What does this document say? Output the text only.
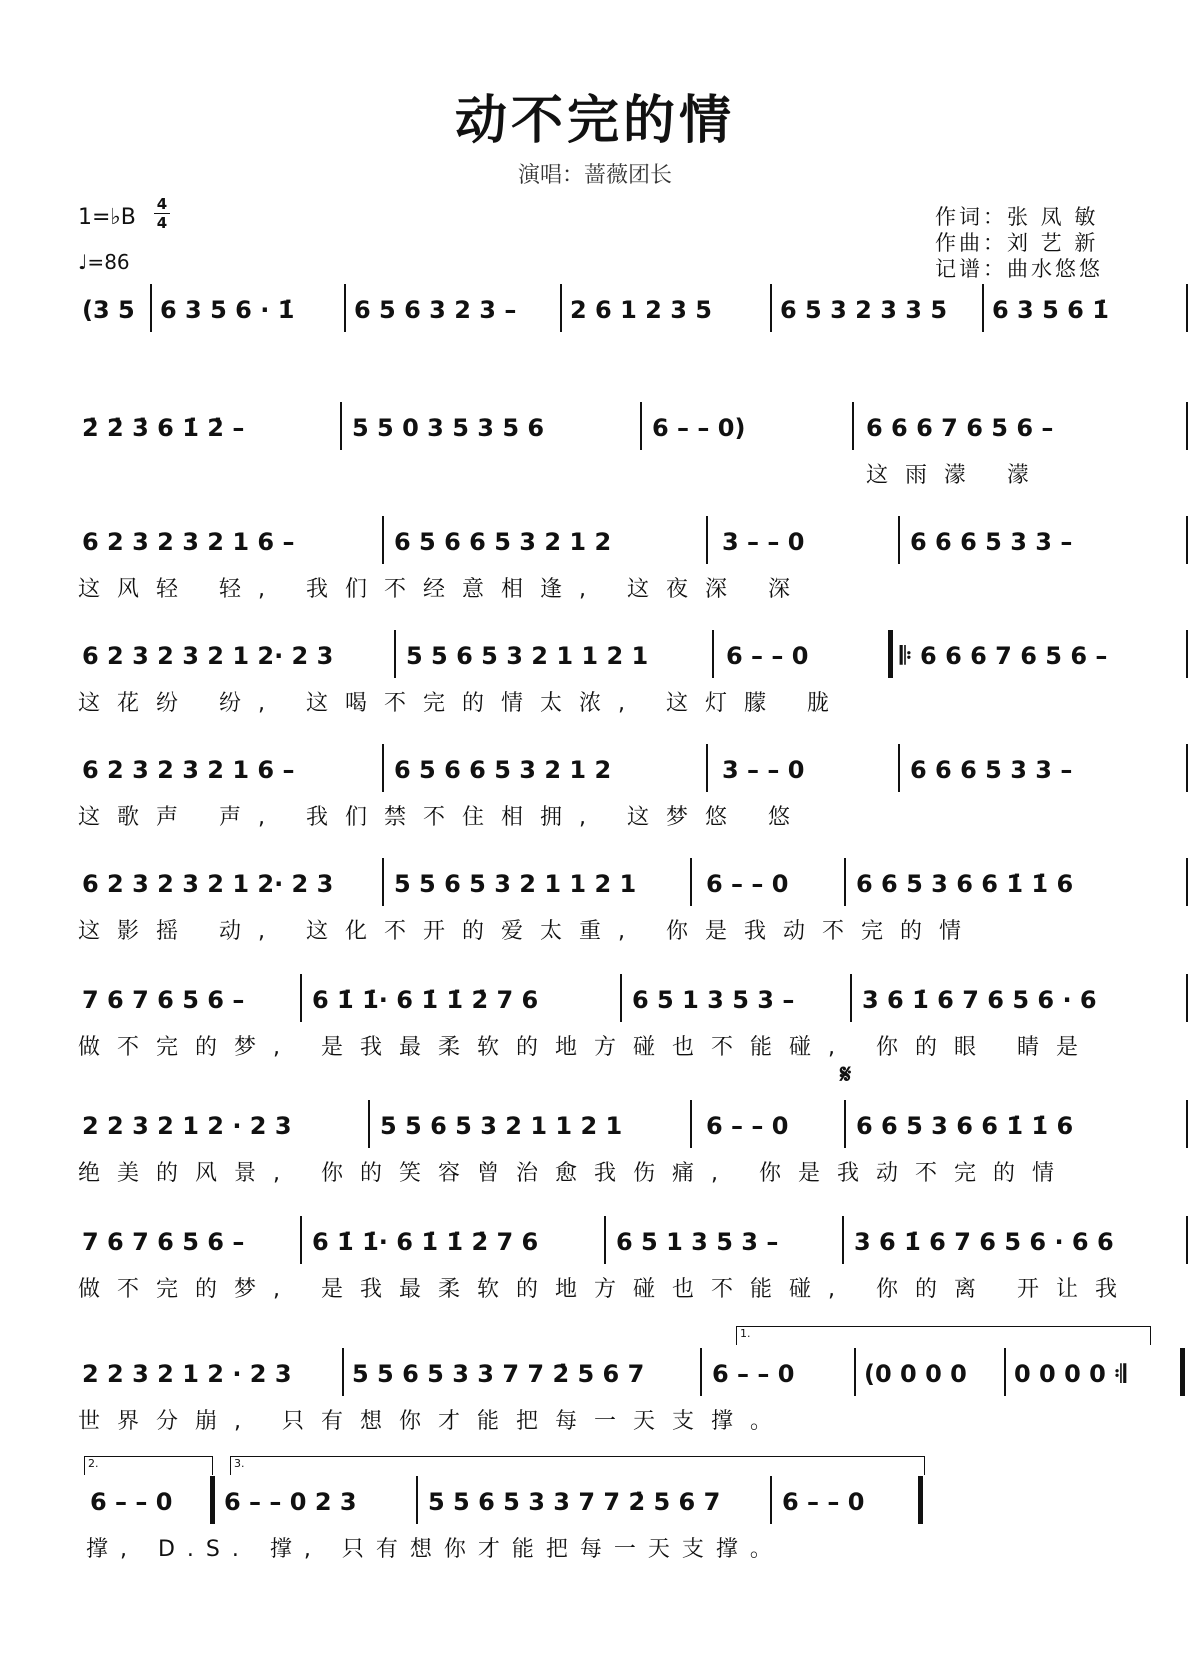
动不完的情
演唱：蔷薇团长
1=♭B
4
4
♩=86
作词：张 凤 敏
作曲：刘 艺 新
记谱：曲水悠悠
(3 5	6 3 5 6 · 1̇	6 5 6 3 2 3 –	2 6 1 2 3 5	6 5 3 2 3 3 5	6 3 5 6 1̇
2̇ 2̇ 3̇ 6 1̇ 2̇ –	5 5 0 3 5 3 5 6	6 – – 0)	6 6 6 7 6 5 6 –
这雨濛 濛
6 2 3 2 3 2 1 6 –	6 5 6 6 5 3 2 1 2	3 – – 0	6 6 6 5 3 3 –
这风轻 轻, 我们不经意相逢, 这夜深 深
6 2 3 2 3 2 1 2· 2 3	5 5 6 5 3 2 1 1 2 1	6 – – 0	𝄆 6 6 6 7 6 5 6 –
这花纷 纷, 这喝不完的情太浓, 这灯朦 胧
6 2 3 2 3 2 1 6 –	6 5 6 6 5 3 2 1 2	3 – – 0	6 6 6 5 3 3 –
这歌声 声, 我们禁不住相拥, 这梦悠 悠
6 2 3 2 3 2 1 2· 2 3	5 5 6 5 3 2 1 1 2 1	6 – – 0	6 6 5 3 6 6 1̇ 1̇ 6
这影摇 动, 这化不开的爱太重, 你是我动不完的情
7 6 7 6 5 6 –	6 1̇ 1̇· 6 1̇ 1̇ 2̇ 7 6	6 5 1 3 5 3 –	3 6 1̇ 6 7 6 5 6 · 6
做不完的梦, 是我最柔软的地方碰也不能碰, 你的眼 睛是
𝄋
2 2 3 2 1 2 · 2 3	5 5 6 5 3 2 1 1 2 1	6 – – 0	6 6 5 3 6 6 1̇ 1̇ 6
绝美的风景, 你的笑容曾治愈我伤痛, 你是我动不完的情
7 6 7 6 5 6 –	6 1̇ 1̇· 6 1̇ 1̇ 2̇ 7 6	6 5 1 3 5 3 –	3 6 1̇ 6 7 6 5 6 · 6 6
做不完的梦, 是我最柔软的地方碰也不能碰, 你的离 开让我
1.
2 2 3 2 1 2 · 2 3	5 5 6 5 3 3 7 7 2̇ 5 6 7	6 – – 0	(0 0 0 0	0 0 0 0 𝄇
世界分崩, 只有想你才能把每一天支撑。
2.	3.
6 – – 0	6 – – 0 2 3	5 5 6 5 3 3 7 7 2̇ 5 6 7	6 – – 0
撑, D.S. 撑, 只有想你才能把每一天支撑。
